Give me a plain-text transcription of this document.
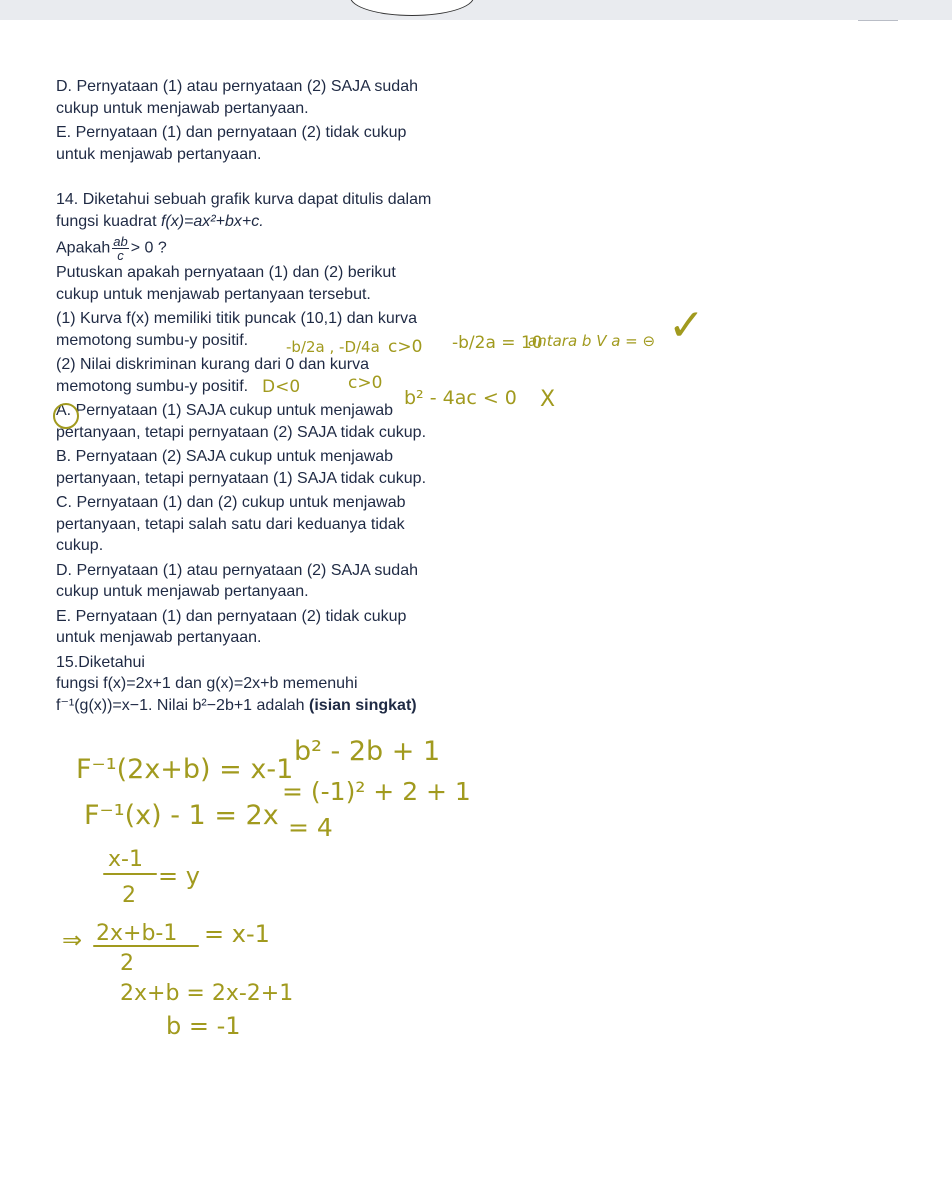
D. Pernyataan (1) atau pernyataan (2) SAJA sudah
cukup untuk menjawab pertanyaan.

E. Pernyataan (1) dan pernyataan (2) tidak cukup
untuk menjawab pertanyaan.

14. Diketahui sebuah grafik kurva dapat ditulis dalam
fungsi kuadrat f(x)=ax²+bx+c.

Apakah $\frac{ab}{c} > 0$ ?

Putuskan apakah pernyataan (1) dan (2) berikut
cukup untuk menjawab pertanyaan tersebut.

(1) Kurva f(x) memiliki titik puncak (10,1) dan kurva
memotong sumbu-y positif.

(2) Nilai diskriminan kurang dari 0 dan kurva
memotong sumbu-y positif.

A. Pernyataan (1) SAJA cukup untuk menjawab
pertanyaan, tetapi pernyataan (2) SAJA tidak cukup.

B. Pernyataan (2) SAJA cukup untuk menjawab
pertanyaan, tetapi pernyataan (1) SAJA tidak cukup.

C. Pernyataan (1) dan (2) cukup untuk menjawab
pertanyaan, tetapi salah satu dari keduanya tidak
cukup.

D. Pernyataan (1) atau pernyataan (2) SAJA sudah
cukup untuk menjawab pertanyaan.

E. Pernyataan (1) dan pernyataan (2) tidak cukup
untuk menjawab pertanyaan.

15.Diketahui
fungsi f(x)=2x+1 dan g(x)=2x+b memenuhi
f⁻¹(g(x))=x−1. Nilai b²−2b+1 adalah (isian singkat)

-b/2a , -D/4a c>0 -b/2a = 10
antara b V a = ⊖ ✓
D<0	c>0
b² - 4ac < 0 X
F⁻¹(2x+b) = x-1
F⁻¹(x) - 1 = 2x
x-1
2
= y
⇒ 2x+b-1
2
= x-1
2x+b = 2x-2+1
b = -1
b² - 2b + 1
= (-1)² + 2 + 1
= 4
